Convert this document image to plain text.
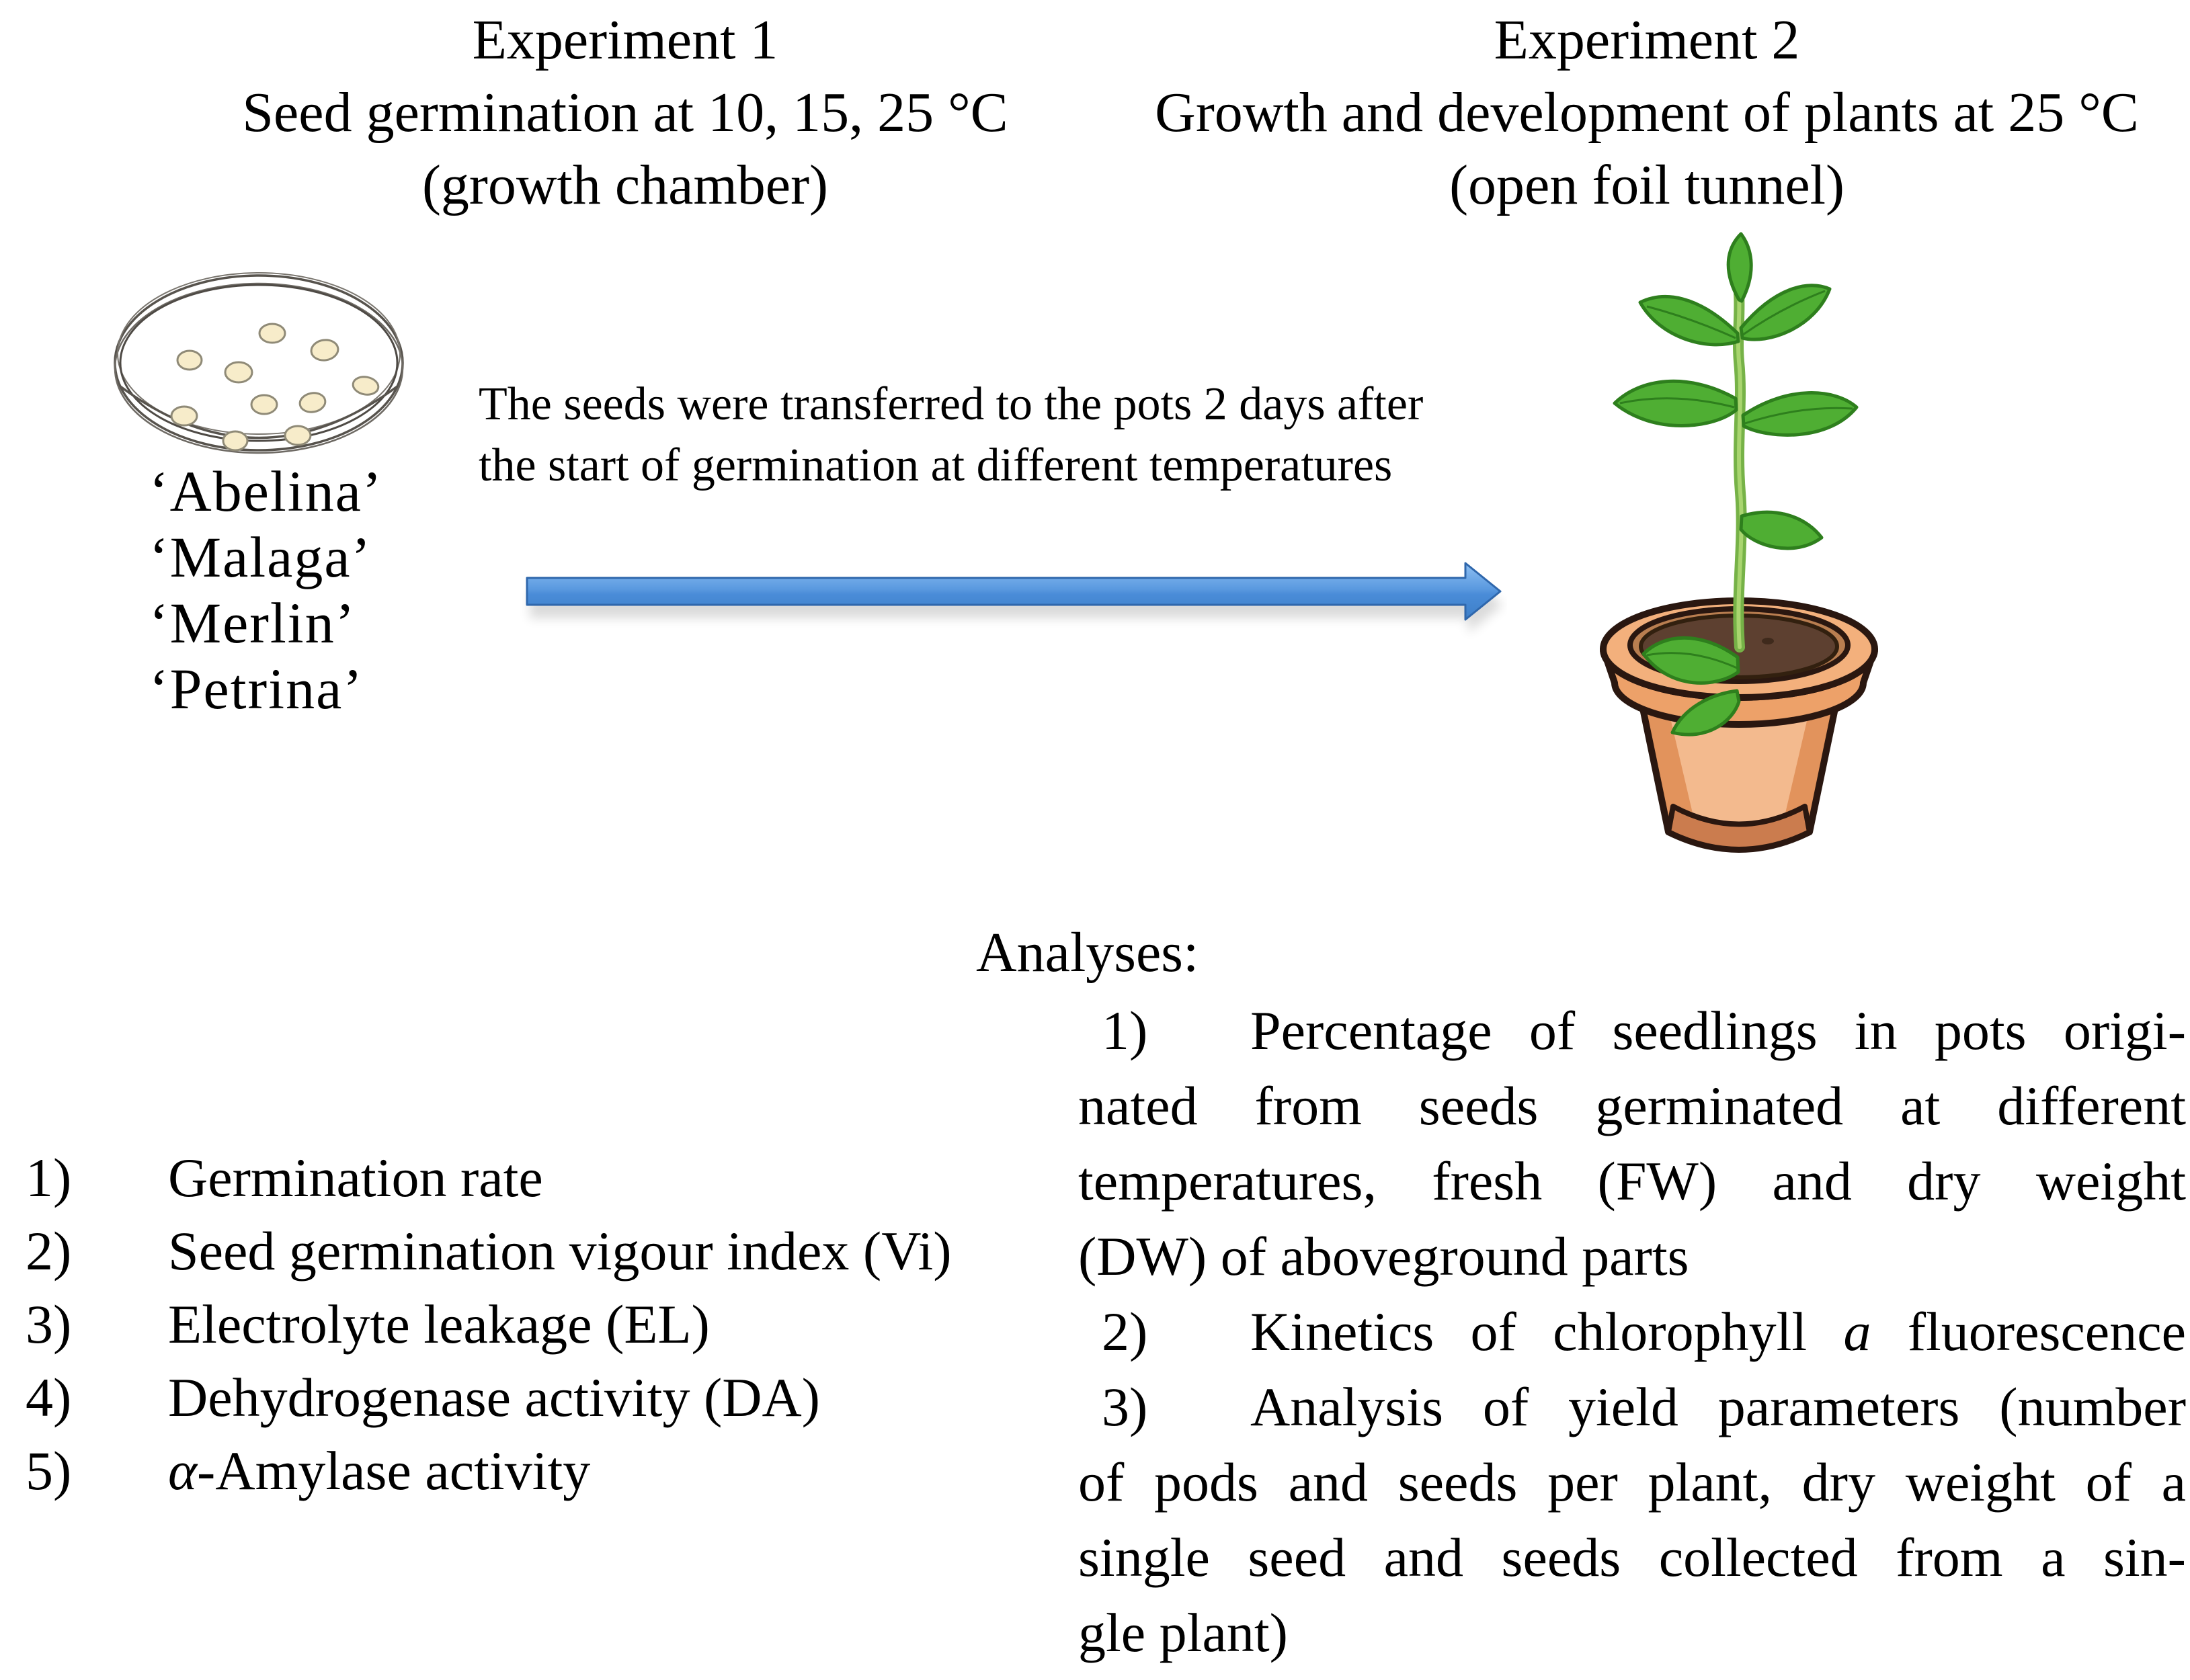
Experiment 1
Seed germination at 10, 15, 25 °C
(growth chamber)
Experiment 2
Growth and development of plants at 25 °C
(open foil tunnel)
‘Abelina’
‘Malaga’
‘Merlin’
‘Petrina’
The seeds were transferred to the pots 2 days after
the start of germination at different temperatures
Analyses:
1)	Germination rate
2)	Seed germination vigour index (Vi)
3)	Electrolyte leakage (EL)
4)	Dehydrogenase activity (DA)
5)	α-Amylase activity
1) Percentage of seedlings in pots origi-
nated from seeds germinated at different
temperatures, fresh (FW) and dry weight
(DW) of aboveground parts
2) Kinetics of chlorophyll a fluorescence
3) Analysis of yield parameters (number
of pods and seeds per plant, dry weight of a
single seed and seeds collected from a sin-
gle plant)
